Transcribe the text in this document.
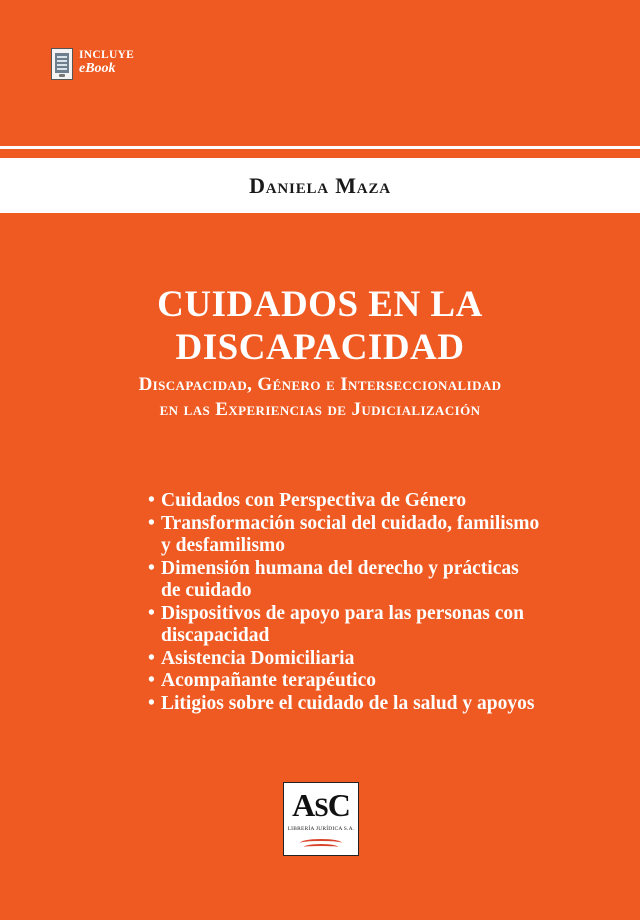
INCLUYE
eBook
Daniela Maza
CUIDADOS EN LA
DISCAPACIDAD
Discapacidad, Género e Interseccionalidad
en las Experiencias de Judicialización
• Cuidados con Perspectiva de Género
• Transformación social del cuidado, familismo
y desfamilismo
• Dimensión humana del derecho y prácticas
de cuidado
• Dispositivos de apoyo para las personas con
discapacidad
• Asistencia Domiciliaria
• Acompañante terapéutico
• Litigios sobre el cuidado de la salud y apoyos
ASC
LIBRERÍA JURÍDICA S.A.
